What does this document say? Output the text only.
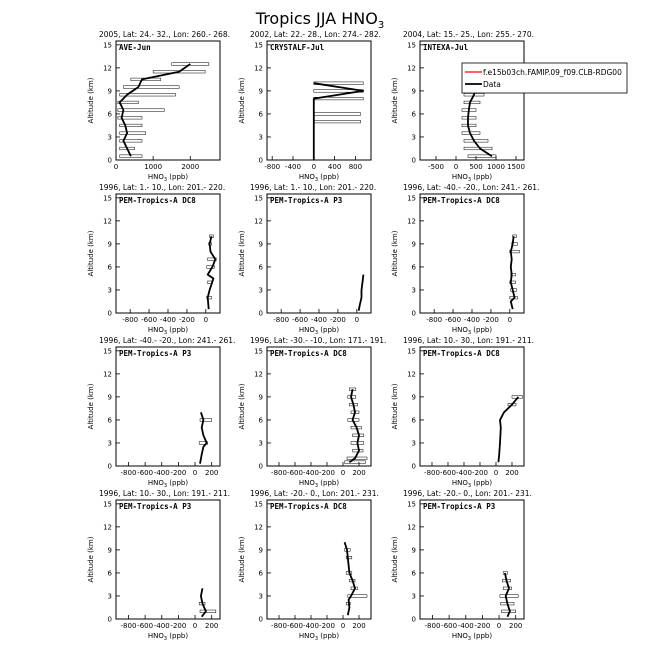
Tropics JJA $HNO_3$
2005, Lat: 24.- 32., Lon: 260.- 268.
AVE-Jun
0
3
6
9
12
15
0	1000	2000
$HNO_3$ (ppb)
Altitude (km)
2002, Lat: 22.- 28., Lon: 274.- 282.
CRYSTALF-Jul
0
3
6
9
12
15
-800 -400 0 400 800
$HNO_3$ (ppb)
Altitude (km)
2004, Lat: 15.- 25., Lon: 255.- 270.
INTEXA-Jul
0
3
6
9
12
15
-500 0 500 1000 1500
$HNO_3$ (ppb)
Altitude (km)
1996, Lat: 1.- 10., Lon: 201.- 220.
PEM-Tropics-A DC8
0
3
6
9
12
15
-800 -600 -400 -200 0
$HNO_3$ (ppb)
Altitude (km)
1996, Lat: 1.- 10., Lon: 201.- 220.
PEM-Tropics-A P3
0
3
6
9
12
15
-800 -600 -400 -200 0
$HNO_3$ (ppb)
Altitude (km)
1996, Lat: -40.- -20., Lon: 241.- 261.
PEM-Tropics-A DC8
0
3
6
9
12
15
-800 -600 -400 -200 0
$HNO_3$ (ppb)
Altitude (km)
1996, Lat: -40.- -20., Lon: 241.- 261.
PEM-Tropics-A P3
0
3
6
9
12
15
-800 -600 -400 -200 0 200
$HNO_3$ (ppb)
Altitude (km)
1996, Lat: -30.- -10., Lon: 171.- 191.
PEM-Tropics-A DC8
0
3
6
9
12
15
-800 -600 -400 -200 0 200
$HNO_3$ (ppb)
Altitude (km)
1996, Lat: 10.- 30., Lon: 191.- 211.
PEM-Tropics-A DC8
0
3
6
9
12
15
-800 -600 -400 -200 0 200
$HNO_3$ (ppb)
Altitude (km)
1996, Lat: 10.- 30., Lon: 191.- 211.
PEM-Tropics-A P3
0
3
6
9
12
15
-800 -600 -400 -200 0 200
$HNO_3$ (ppb)
Altitude (km)
1996, Lat: -20.- 0., Lon: 201.- 231.
PEM-Tropics-A DC8
0
3
6
9
12
15
-800 -600 -400 -200 0 200
$HNO_3$ (ppb)
Altitude (km)
1996, Lat: -20.- 0., Lon: 201.- 231.
PEM-Tropics-A P3
0
3
6
9
12
15
-800 -600 -400 -200 0 200
$HNO_3$ (ppb)
Altitude (km)
f.e15b03ch.FAMIP.09_f09.CLB-RDG00
Data
